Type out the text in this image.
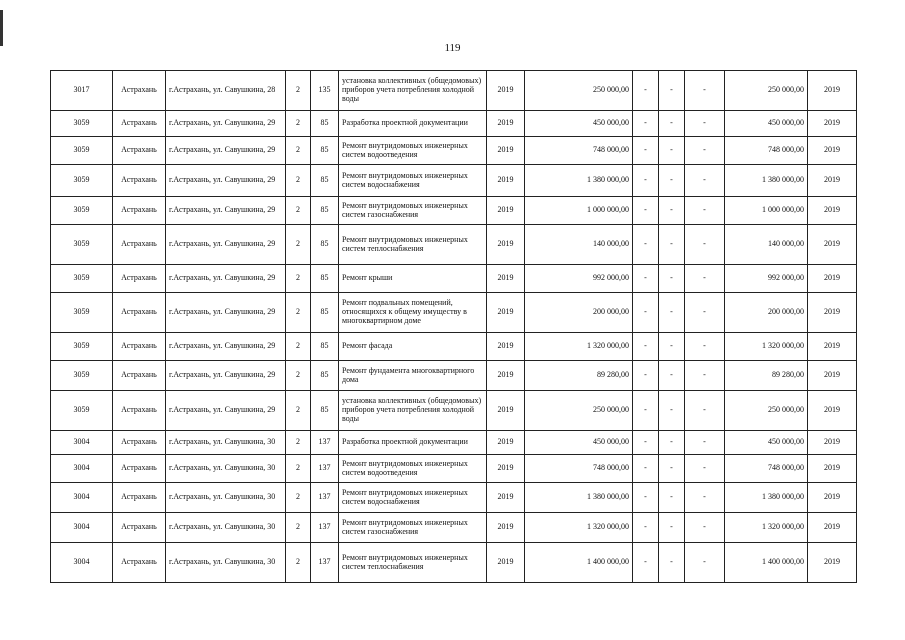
119
3017	Астрахань	г.Астрахань, ул. Савушкина, 28	2	135	установка коллективных (общедомовых) приборов учета потребления холодной воды	2019	250 000,00	-	-	-	250 000,00	2019
3059	Астрахань	г.Астрахань, ул. Савушкина, 29	2	85	Разработка проектной документации	2019	450 000,00	-	-	-	450 000,00	2019
3059	Астрахань	г.Астрахань, ул. Савушкина, 29	2	85	Ремонт внутридомовых инженерных систем водоотведения	2019	748 000,00	-	-	-	748 000,00	2019
3059	Астрахань	г.Астрахань, ул. Савушкина, 29	2	85	Ремонт внутридомовых инженерных систем водоснабжения	2019	1 380 000,00	-	-	-	1 380 000,00	2019
3059	Астрахань	г.Астрахань, ул. Савушкина, 29	2	85	Ремонт внутридомовых инженерных систем газоснабжения	2019	1 000 000,00	-	-	-	1 000 000,00	2019
3059	Астрахань	г.Астрахань, ул. Савушкина, 29	2	85	Ремонт внутридомовых инженерных систем теплоснабжения	2019	140 000,00	-	-	-	140 000,00	2019
3059	Астрахань	г.Астрахань, ул. Савушкина, 29	2	85	Ремонт крыши	2019	992 000,00	-	-	-	992 000,00	2019
3059	Астрахань	г.Астрахань, ул. Савушкина, 29	2	85	Ремонт подвальных помещений, относящихся к общему имуществу в многоквартирном доме	2019	200 000,00	-	-	-	200 000,00	2019
3059	Астрахань	г.Астрахань, ул. Савушкина, 29	2	85	Ремонт фасада	2019	1 320 000,00	-	-	-	1 320 000,00	2019
3059	Астрахань	г.Астрахань, ул. Савушкина, 29	2	85	Ремонт фундамента многоквартирного дома	2019	89 280,00	-	-	-	89 280,00	2019
3059	Астрахань	г.Астрахань, ул. Савушкина, 29	2	85	установка коллективных (общедомовых) приборов учета потребления холодной воды	2019	250 000,00	-	-	-	250 000,00	2019
3004	Астрахань	г.Астрахань, ул. Савушкина, 30	2	137	Разработка проектной документации	2019	450 000,00	-	-	-	450 000,00	2019
3004	Астрахань	г.Астрахань, ул. Савушкина, 30	2	137	Ремонт внутридомовых инженерных систем водоотведения	2019	748 000,00	-	-	-	748 000,00	2019
3004	Астрахань	г.Астрахань, ул. Савушкина, 30	2	137	Ремонт внутридомовых инженерных систем водоснабжения	2019	1 380 000,00	-	-	-	1 380 000,00	2019
3004	Астрахань	г.Астрахань, ул. Савушкина, 30	2	137	Ремонт внутридомовых инженерных систем газоснабжения	2019	1 320 000,00	-	-	-	1 320 000,00	2019
3004	Астрахань	г.Астрахань, ул. Савушкина, 30	2	137	Ремонт внутридомовых инженерных систем теплоснабжения	2019	1 400 000,00	-	-	-	1 400 000,00	2019
